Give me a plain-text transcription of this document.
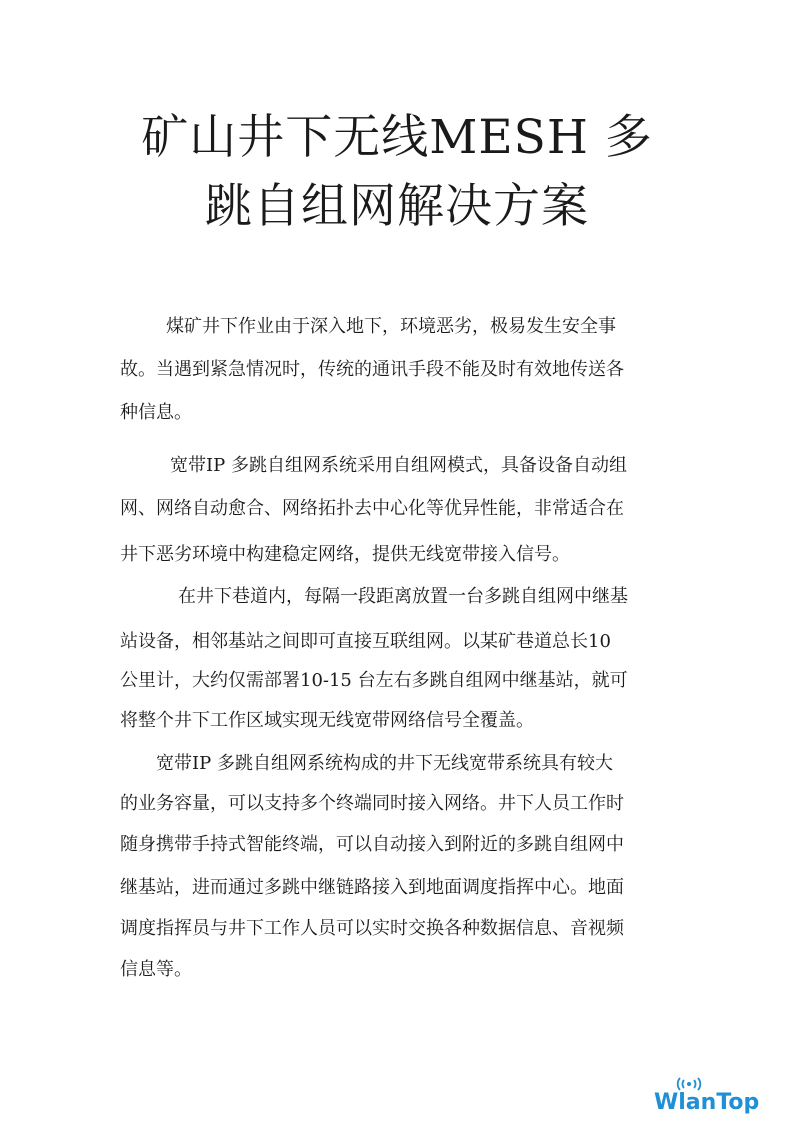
矿山井下无线MESH 多
跳自组网解决方案
煤矿井下作业由于深入地下，环境恶劣，极易发生安全事
故。当遇到紧急情况时，传统的通讯手段不能及时有效地传送各
种信息。
宽带IP 多跳自组网系统采用自组网模式，具备设备自动组
网、网络自动愈合、网络拓扑去中心化等优异性能，非常适合在
井下恶劣环境中构建稳定网络，提供无线宽带接入信号。
在井下巷道内，每隔一段距离放置一台多跳自组网中继基
站设备，相邻基站之间即可直接互联组网。以某矿巷道总长10
公里计，大约仅需部署10-15 台左右多跳自组网中继基站，就可
将整个井下工作区域实现无线宽带网络信号全覆盖。
宽带IP 多跳自组网系统构成的井下无线宽带系统具有较大
的业务容量，可以支持多个终端同时接入网络。井下人员工作时
随身携带手持式智能终端，可以自动接入到附近的多跳自组网中
继基站，进而通过多跳中继链路接入到地面调度指挥中心。地面
调度指挥员与井下工作人员可以实时交换各种数据信息、音视频
信息等。
WlanTop
